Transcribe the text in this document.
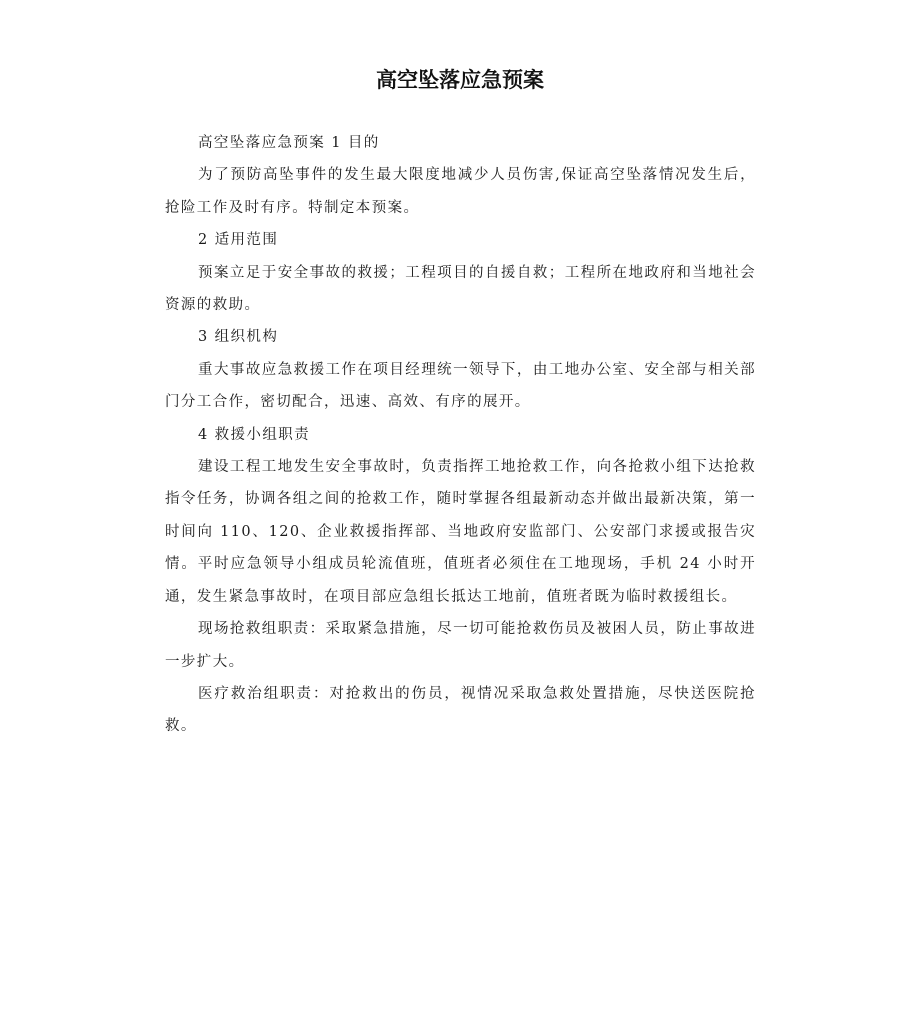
高空坠落应急预案

高空坠落应急预案 1 目的

为了预防高坠事件的发生最大限度地减少人员伤害,保证高空坠落情况发生后，抢险工作及时有序。特制定本预案。

2 适用范围

预案立足于安全事故的救援；工程项目的自援自救；工程所在地政府和当地社会资源的救助。

3 组织机构

重大事故应急救援工作在项目经理统一领导下，由工地办公室、安全部与相关部门分工合作，密切配合，迅速、高效、有序的展开。

4 救援小组职责

建设工程工地发生安全事故时，负责指挥工地抢救工作，向各抢救小组下达抢救指令任务，协调各组之间的抢救工作，随时掌握各组最新动态并做出最新决策，第一时间向 110、120、企业救援指挥部、当地政府安监部门、公安部门求援或报告灾情。平时应急领导小组成员轮流值班，值班者必须住在工地现场，手机 24 小时开通，发生紧急事故时，在项目部应急组长抵达工地前，值班者既为临时救援组长。

现场抢救组职责：采取紧急措施，尽一切可能抢救伤员及被困人员，防止事故进一步扩大。

医疗救治组职责：对抢救出的伤员，视情况采取急救处置措施，尽快送医院抢救。
